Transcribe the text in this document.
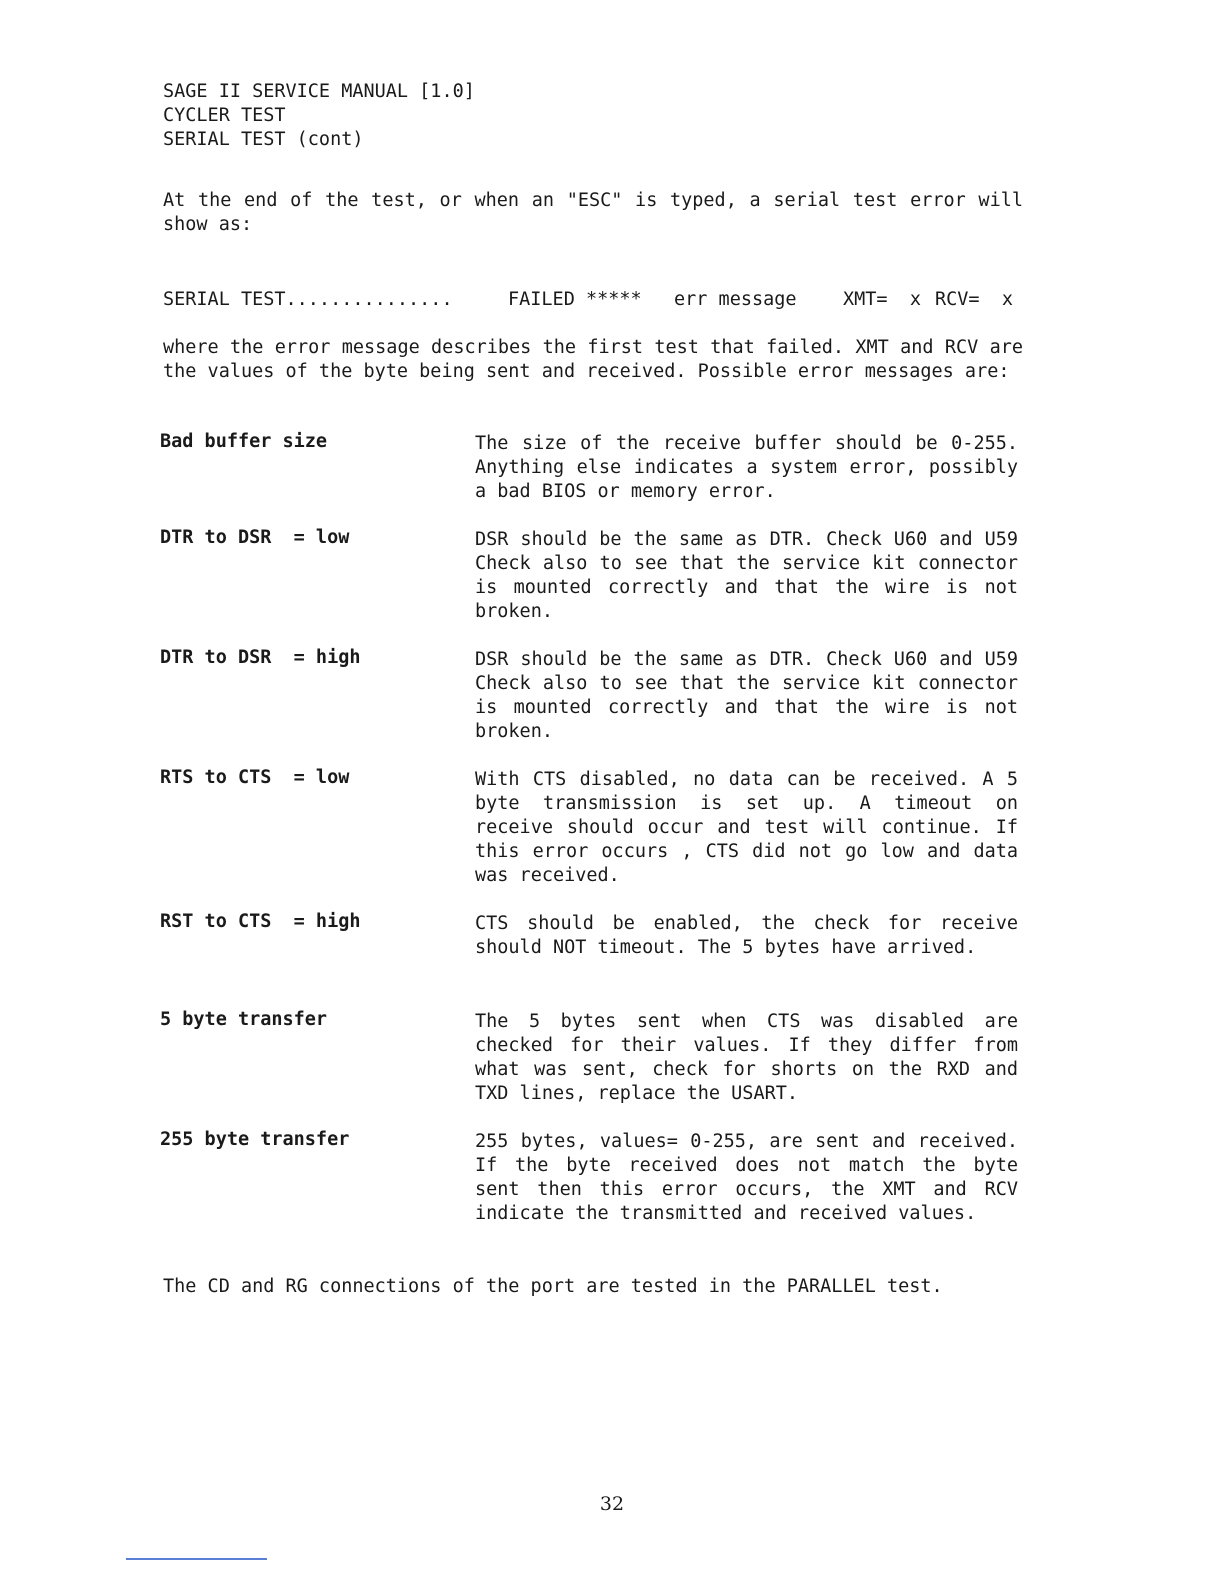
SAGE II SERVICE MANUAL [1.0]
CYCLER TEST
SERIAL TEST (cont)
At the end of the test, or when an "ESC" is typed, a serial test error will show as:

SERIAL TEST...............

	FAILED *****

err message

	XMT=  x

RCV=  x

where the error message describes the first test that failed. XMT and RCV are the values of the byte being sent and received. Possible error messages are:
Bad buffer size	The size of the receive buffer should be 0-255. Anything else indicates a system error, possibly a bad BIOS or memory error.
DTR to DSR  = low	DSR should be the same as DTR. Check U60 and U59 Check also to see that the service kit connector is mounted correctly and that the wire is not broken.
DTR to DSR  = high	DSR should be the same as DTR. Check U60 and U59 Check also to see that the service kit connector is mounted correctly and that the wire is not broken.
RTS to CTS  = low	With CTS disabled, no data can be received. A 5 byte transmission is set up. A timeout on receive should occur and test will continue. If this error occurs , CTS did not go low and data was received.
RST to CTS  = high	CTS should be enabled, the check for receive should NOT timeout. The 5 bytes have arrived.
5 byte transfer	The 5 bytes sent when CTS was disabled are checked for their values. If they differ from what was sent, check for shorts on the RXD and TXD lines, replace the USART.
255 byte transfer	255 bytes, values= 0-255, are sent and received. If the byte received does not match the byte sent then this error occurs, the XMT and RCV indicate the transmitted and received values.
The CD and RG connections of the port are tested in the PARALLEL test.
32
